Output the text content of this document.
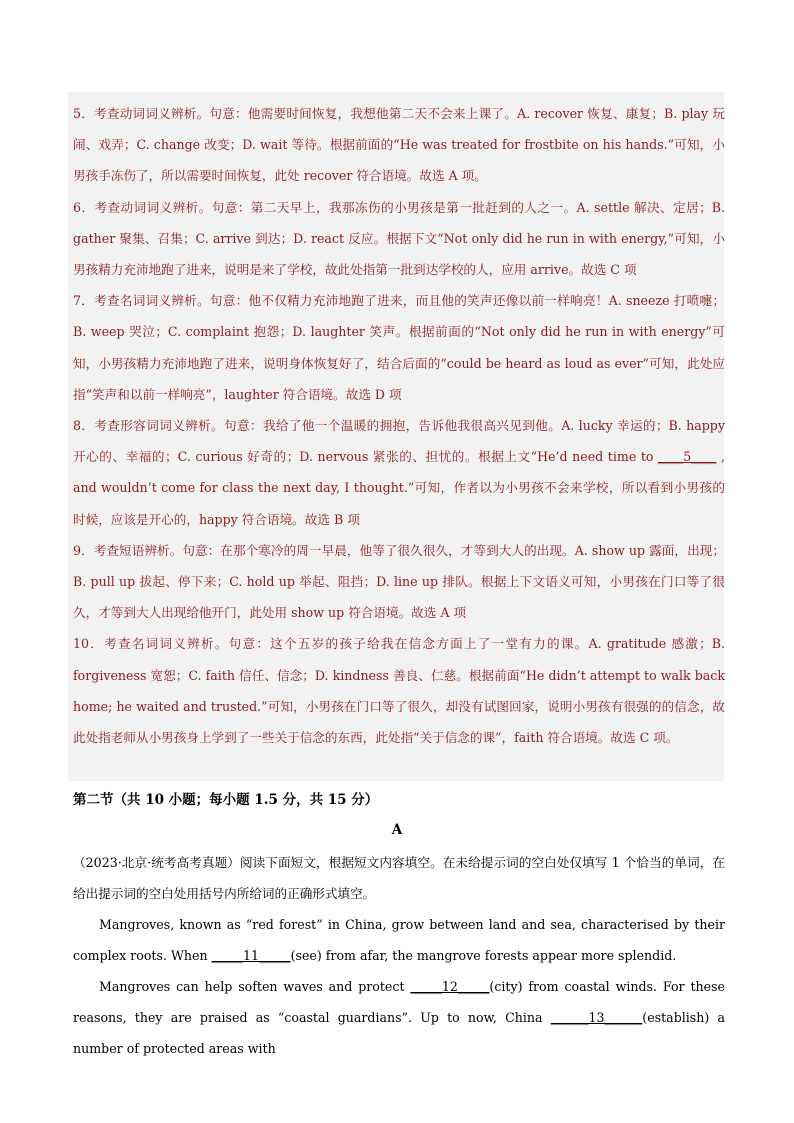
5．考查动词词义辨析。句意：他需要时间恢复，我想他第二天不会来上课了。A. recover 恢复、康复；B. play 玩闹、戏弄；C. change 改变；D. wait 等待。根据前面的“He was treated for frostbite on his hands.”可知，小男孩手冻伤了，所以需要时间恢复，此处 recover 符合语境。故选 A 项。

6．考查动词词义辨析。句意：第二天早上，我那冻伤的小男孩是第一批赶到的人之一。A. settle 解决、定居；B. gather 聚集、召集；C. arrive 到达；D. react 反应。根据下文“Not only did he run in with energy,”可知，小男孩精力充沛地跑了进来，说明是来了学校，故此处指第一批到达学校的人，应用 arrive。故选 C 项

7．考查名词词义辨析。句意：他不仅精力充沛地跑了进来，而且他的笑声还像以前一样响亮！A. sneeze 打喷嚏；B. weep 哭泣；C. complaint 抱怨；D. laughter 笑声。根据前面的“Not only did he run in with energy”可知，小男孩精力充沛地跑了进来，说明身体恢复好了，结合后面的“could be heard as loud as ever”可知，此处应指“笑声和以前一样响亮”，laughter 符合语境。故选 D 项

8．考查形容词词义辨析。句意：我给了他一个温暖的拥抱，告诉他我很高兴见到他。A. lucky 幸运的；B. happy 开心的、幸福的；C. curious 好奇的；D. nervous 紧张的、担忧的。根据上文“He’d need time to ____5____ , and wouldn’t come for class the next day, I thought.”可知，作者以为小男孩不会来学校，所以看到小男孩的时候，应该是开心的，happy 符合语境。故选 B 项

9．考查短语辨析。句意：在那个寒冷的周一早晨，他等了很久很久，才等到大人的出现。A. show up 露面，出现；B. pull up 拔起、停下来；C. hold up 举起、阻挡；D. line up 排队。根据上下文语义可知，小男孩在门口等了很久，才等到大人出现给他开门，此处用 show up 符合语境。故选 A 项

10．考查名词词义辨析。句意：这个五岁的孩子给我在信念方面上了一堂有力的课。A. gratitude 感激；B. forgiveness 宽恕；C. faith 信任、信念；D. kindness 善良、仁慈。根据前面“He didn’t attempt to walk back home; he waited and trusted.”可知，小男孩在门口等了很久，却没有试图回家，说明小男孩有很强的的信念，故此处指老师从小男孩身上学到了一些关于信念的东西，此处指“关于信念的课”，faith 符合语境。故选 C 项。

第二节（共 10 小题；每小题 1.5 分，共 15 分）
A

（2023·北京·统考高考真题）阅读下面短文，根据短文内容填空。在未给提示词的空白处仅填写 1 个恰当的单词，在给出提示词的空白处用括号内所给词的正确形式填空。

Mangroves, known as “red forest” in China, grow between land and sea, characterised by their complex roots. When _____11_____(see) from afar, the mangrove forests appear more splendid.

Mangroves can help soften waves and protect _____12_____(city) from coastal winds. For these reasons, they are praised as “coastal guardians”. Up to now, China ______13______(establish) a number of protected areas with
